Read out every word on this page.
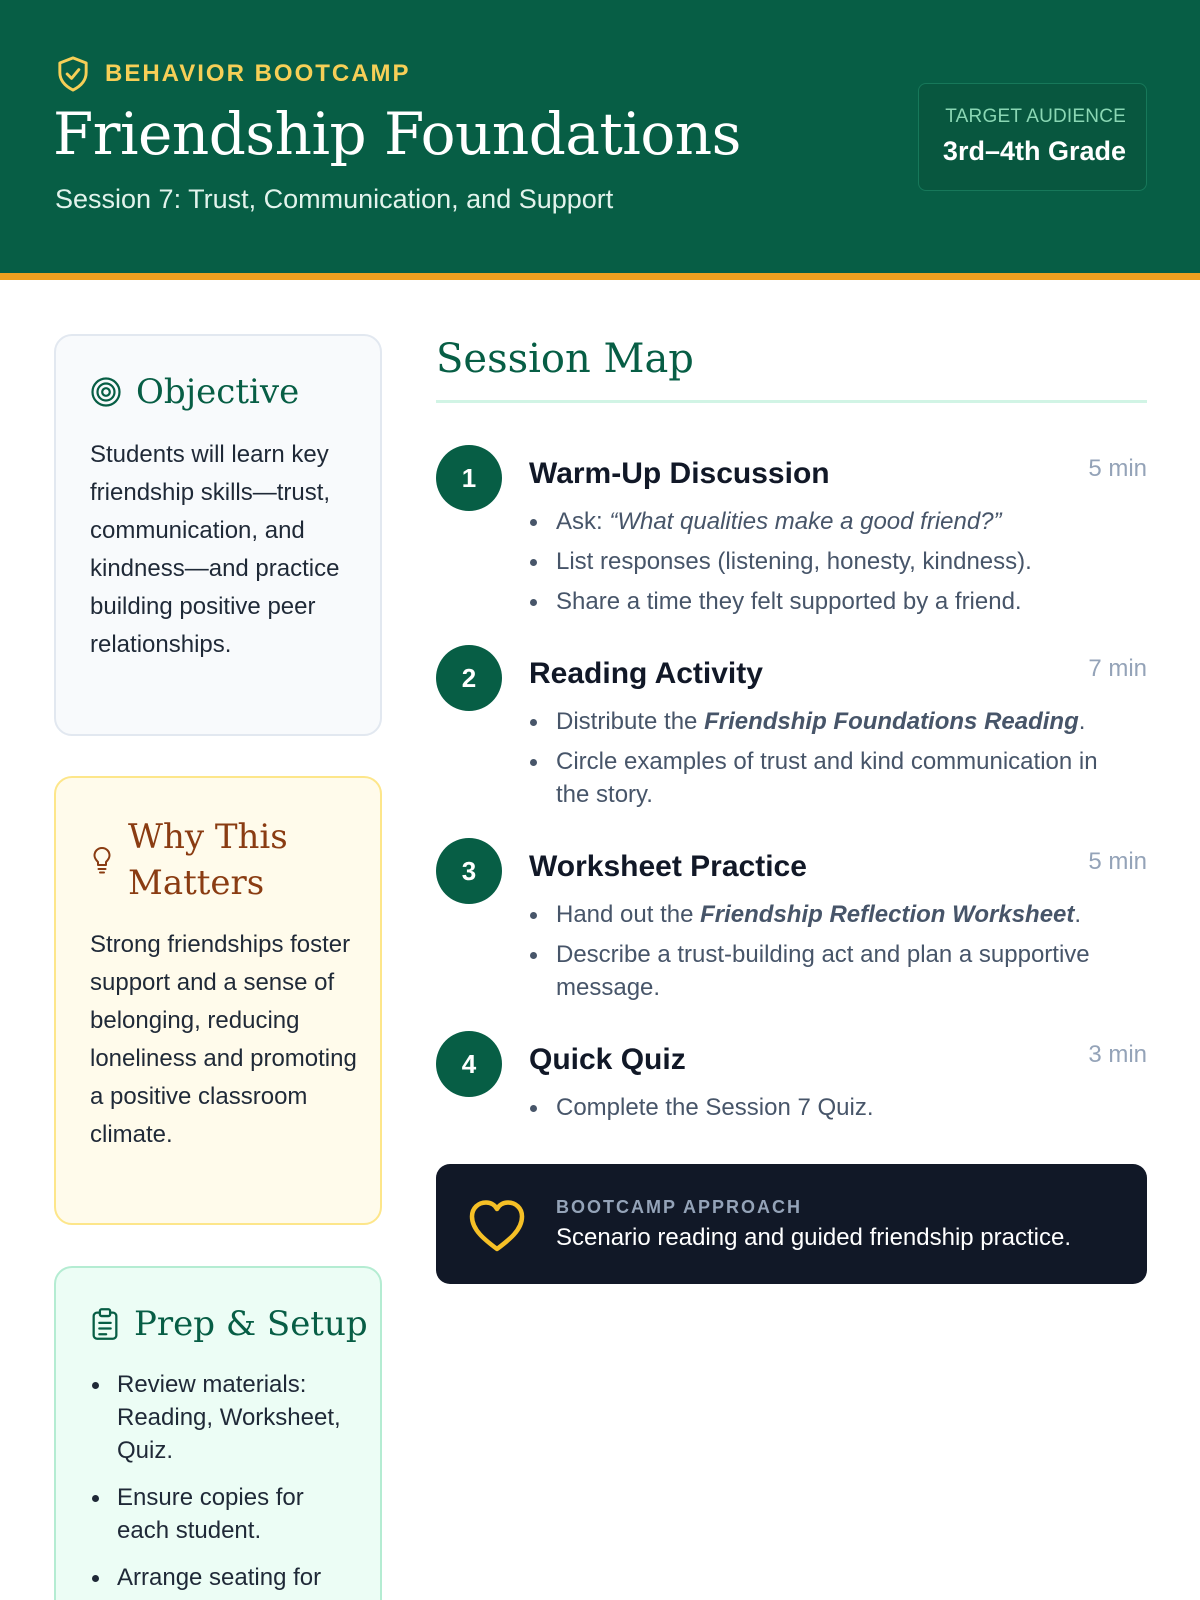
BEHAVIOR BOOTCAMP
Friendship Foundations
Session 7: Trust, Communication, and Support
TARGET AUDIENCE
3rd–4th Grade
Objective
Students will learn key friendship skills—trust, communication, and kindness—and practice building positive peer relationships.
Why This Matters
Strong friendships foster support and a sense of belonging, reducing loneliness and promoting a positive classroom climate.
Prep & Setup
Review materials: Reading, Worksheet, Quiz.
Ensure copies for each student.
Arrange seating for
Session Map
1	Warm-Up Discussion	5 min
Ask: “What qualities make a good friend?”
List responses (listening, honesty, kindness).
Share a time they felt supported by a friend.
2	Reading Activity	7 min
Distribute the Friendship Foundations Reading.
Circle examples of trust and kind communication in the story.
3	Worksheet Practice	5 min
Hand out the Friendship Reflection Worksheet.
Describe a trust-building act and plan a supportive message.
4	Quick Quiz	3 min
Complete the Session 7 Quiz.
BOOTCAMP APPROACH
Scenario reading and guided friendship practice.
